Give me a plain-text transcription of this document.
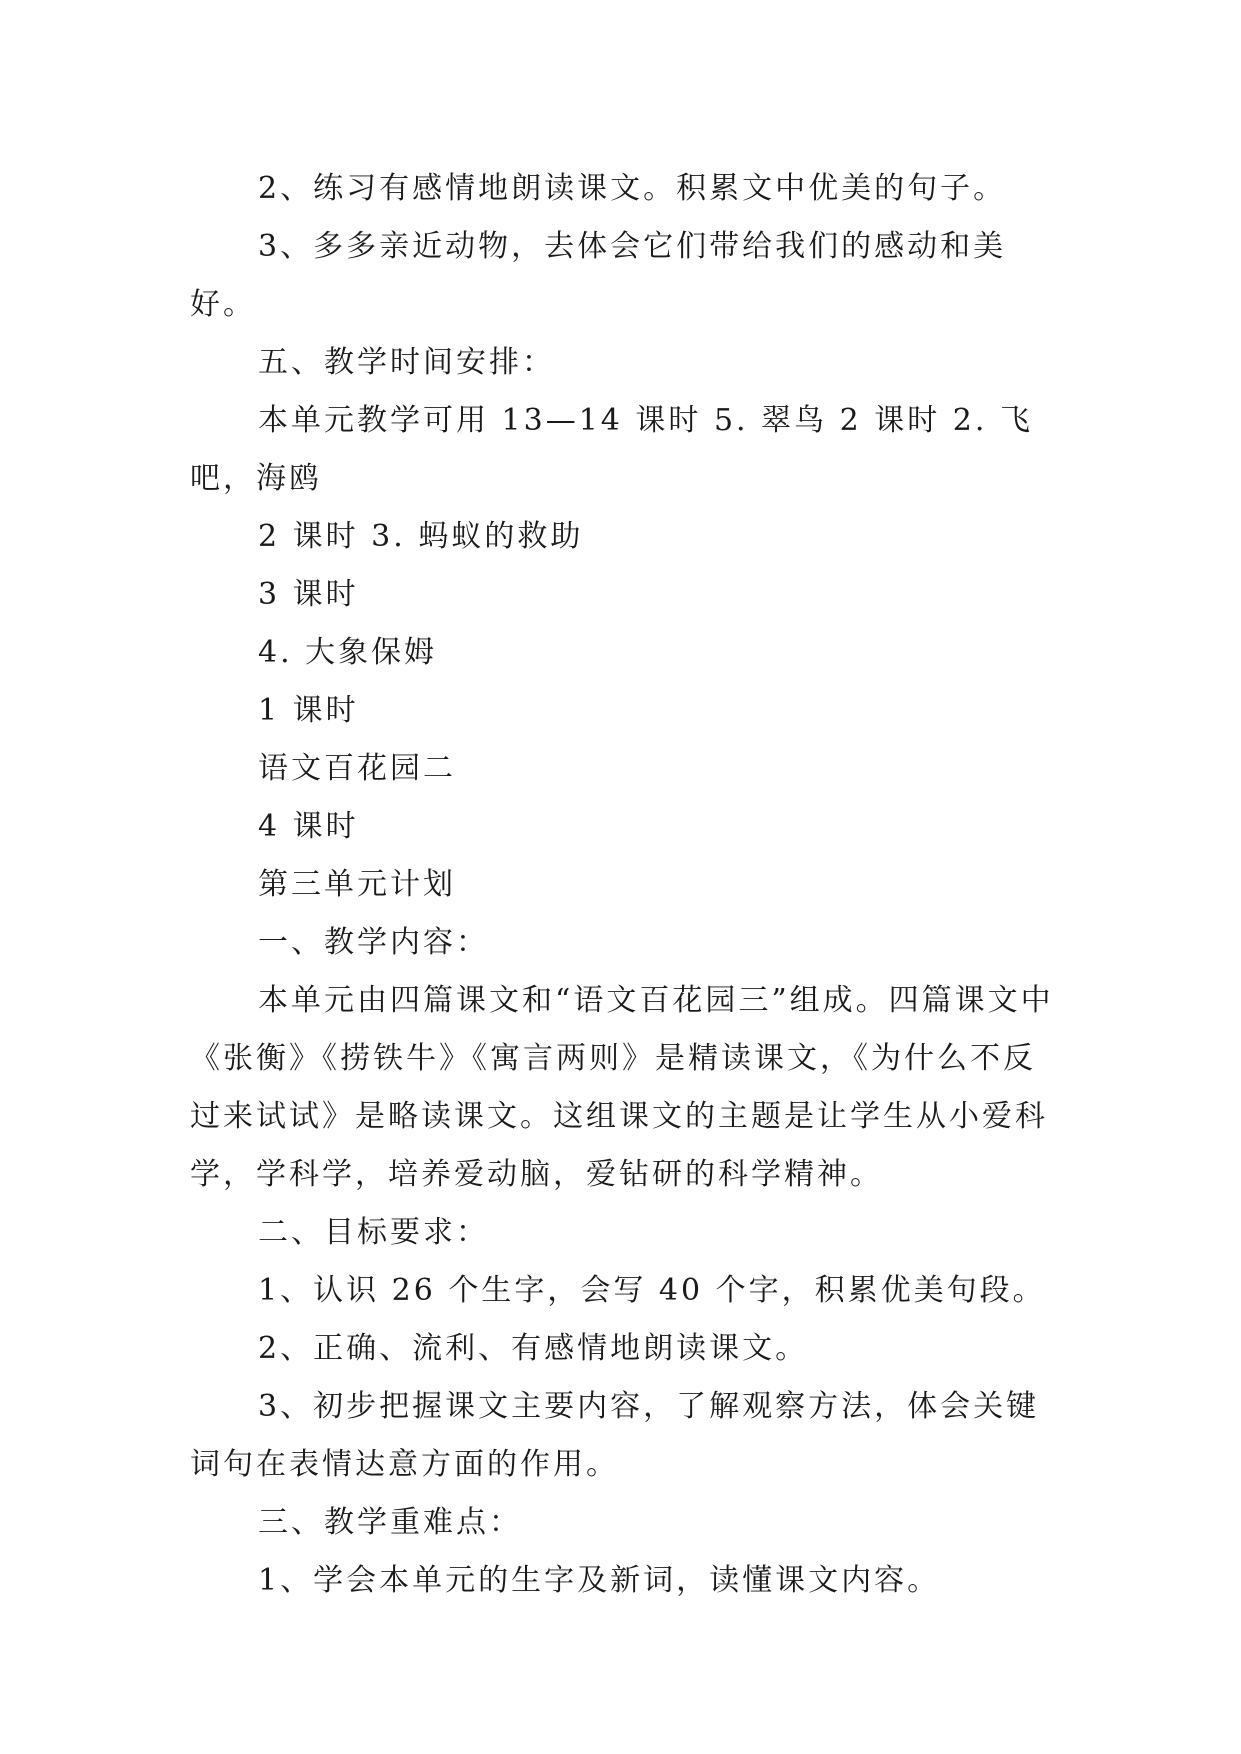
2、练习有感情地朗读课文。积累文中优美的句子。

3、多多亲近动物，去体会它们带给我们的感动和美好。

五、教学时间安排：

本单元教学可用 13—14 课时 5. 翠鸟 2 课时 2. 飞吧，海鸥

2 课时 3. 蚂蚁的救助

3 课时

4. 大象保姆

1 课时

语文百花园二

4 课时

第三单元计划

一、教学内容：

本单元由四篇课文和“语文百花园三”组成。四篇课文中《张衡》《捞铁牛》《寓言两则》是精读课文，《为什么不反过来试试》是略读课文。这组课文的主题是让学生从小爱科学，学科学，培养爱动脑，爱钻研的科学精神。

二、目标要求：

1、认识 26 个生字，会写 40 个字，积累优美句段。

2、正确、流利、有感情地朗读课文。

3、初步把握课文主要内容，了解观察方法，体会关键词句在表情达意方面的作用。

三、教学重难点：

1、学会本单元的生字及新词，读懂课文内容。
